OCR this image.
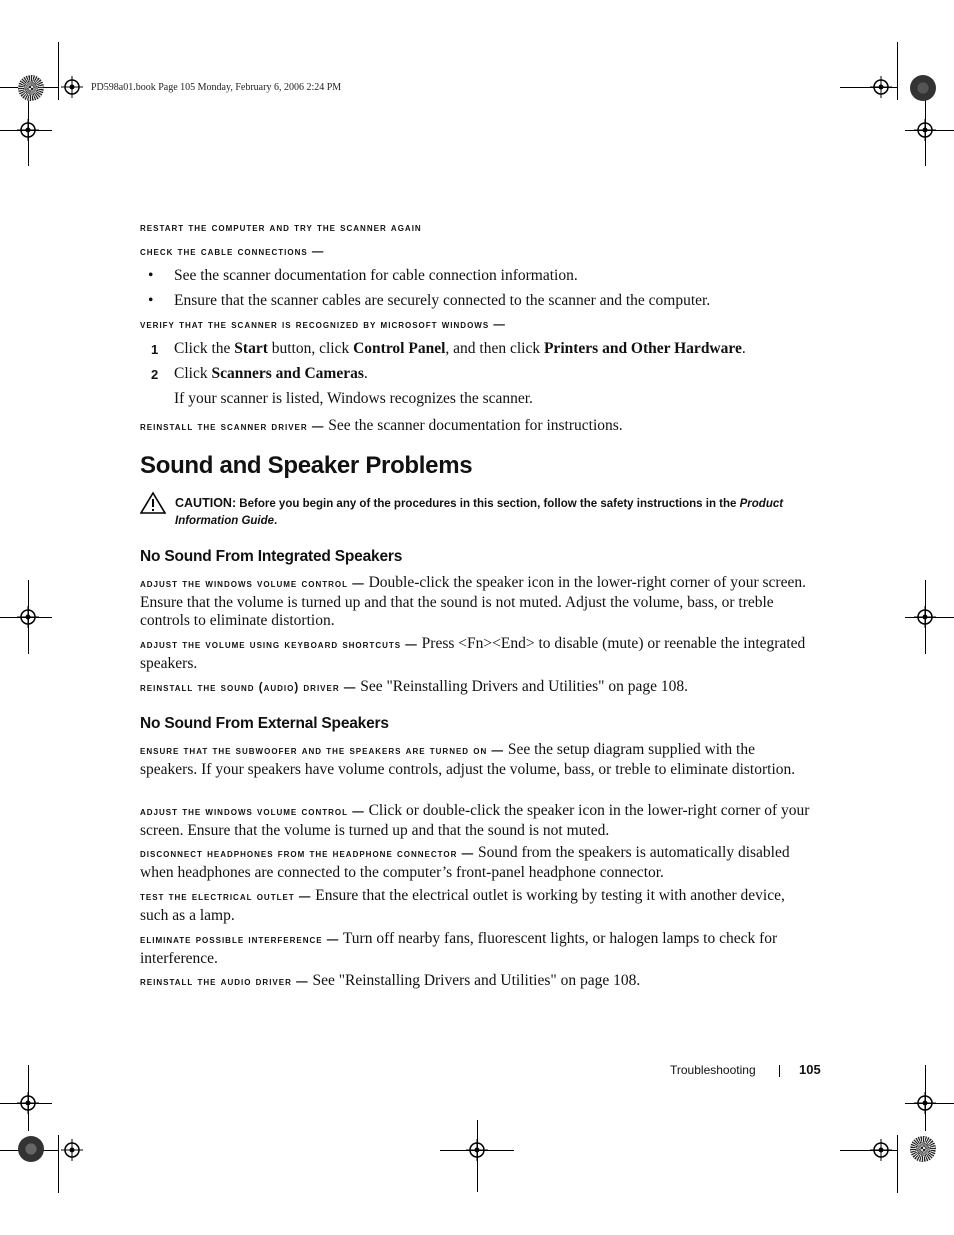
PD598a01.book Page 105 Monday, February 6, 2006 2:24 PM
restart the computer and try the scanner again
check the cable connections —
• See the scanner documentation for cable connection information.
• Ensure that the scanner cables are securely connected to the scanner and the computer.
verify that the scanner is recognized by microsoft windows —
1 Click the Start button, click Control Panel, and then click Printers and Other Hardware.
2 Click Scanners and Cameras.
If your scanner is listed, Windows recognizes the scanner.
reinstall the scanner driver — See the scanner documentation for instructions.
Sound and Speaker Problems
CAUTION: Before you begin any of the procedures in this section, follow the safety instructions in the Product Information Guide.
No Sound From Integrated Speakers
adjust the windows volume control — Double-click the speaker icon in the lower-right corner of your screen. Ensure that the volume is turned up and that the sound is not muted. Adjust the volume, bass, or treble controls to eliminate distortion.
adjust the volume using keyboard shortcuts — Press <Fn><End> to disable (mute) or reenable the integrated speakers.
reinstall the sound (audio) driver — See "Reinstalling Drivers and Utilities" on page 108.
No Sound From External Speakers
ensure that the subwoofer and the speakers are turned on — See the setup diagram supplied with the speakers. If your speakers have volume controls, adjust the volume, bass, or treble to eliminate distortion.
adjust the windows volume control — Click or double-click the speaker icon in the lower-right corner of your screen. Ensure that the volume is turned up and that the sound is not muted.
disconnect headphones from the headphone connector — Sound from the speakers is automatically disabled when headphones are connected to the computer’s front-panel headphone connector.
test the electrical outlet — Ensure that the electrical outlet is working by testing it with another device, such as a lamp.
eliminate possible interference — Turn off nearby fans, fluorescent lights, or halogen lamps to check for interference.
reinstall the audio driver — See "Reinstalling Drivers and Utilities" on page 108.
Troubleshooting	105
